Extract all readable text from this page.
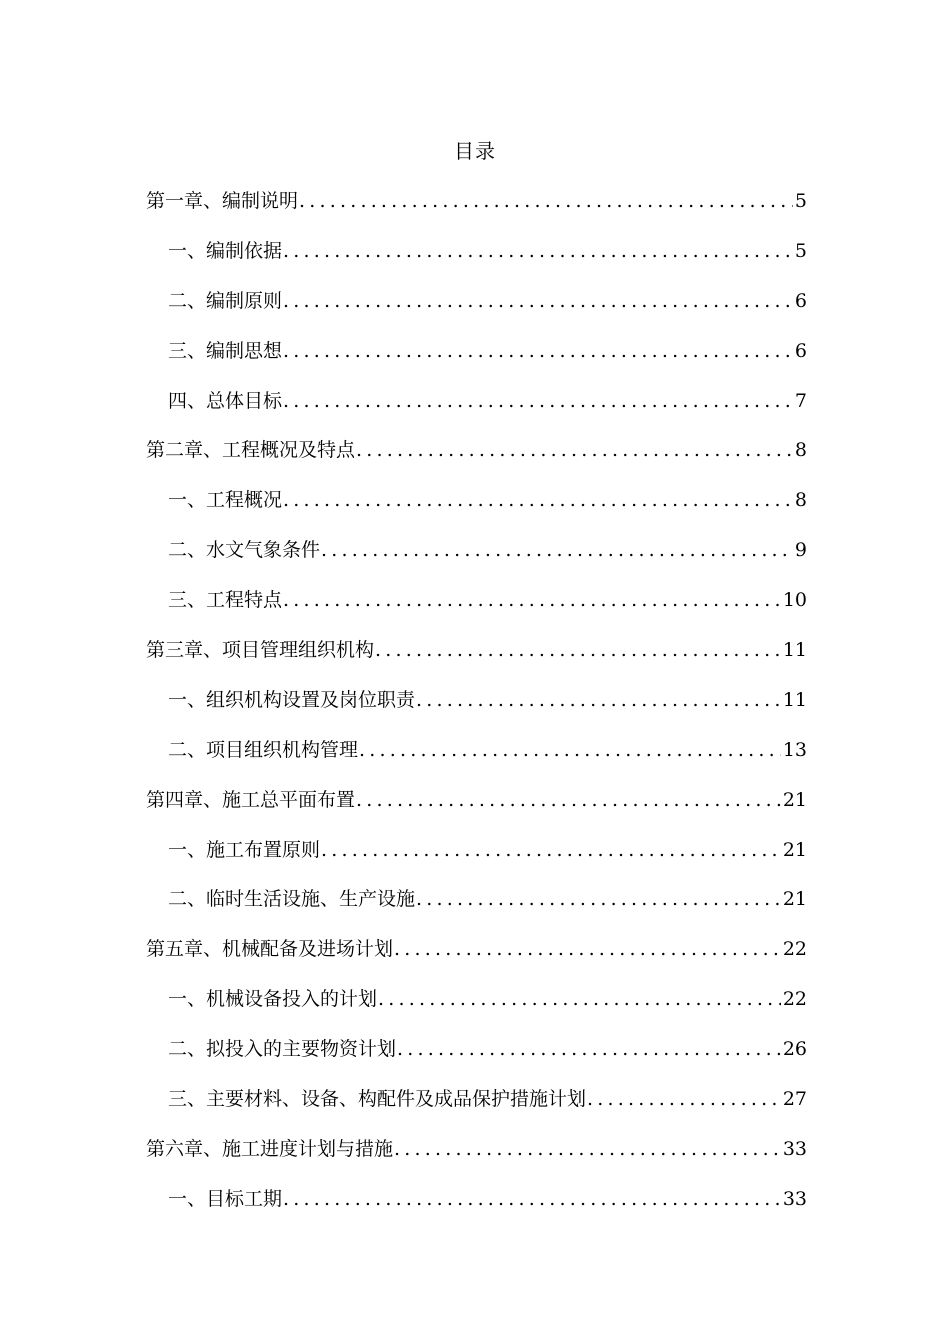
目录
第一章、编制说明 .....	5
一、编制依据 .....	5
二、编制原则 .....	6
三、编制思想 .....	6
四、总体目标 .....	7
第二章、工程概况及特点 .....	8
一、工程概况 .....	8
二、水文气象条件 .....	9
三、工程特点 .....	10
第三章、项目管理组织机构 .....	11
一、组织机构设置及岗位职责 .....	11
二、项目组织机构管理 .....	13
第四章、施工总平面布置 .....	21
一、施工布置原则 .....	21
二、临时生活设施、生产设施 .....	21
第五章、机械配备及进场计划 .....	22
一、机械设备投入的计划 .....	22
二、拟投入的主要物资计划 .....	26
三、主要材料、设备、构配件及成品保护措施计划 .....	27
第六章、施工进度计划与措施 .....	33
一、目标工期 .....	33
